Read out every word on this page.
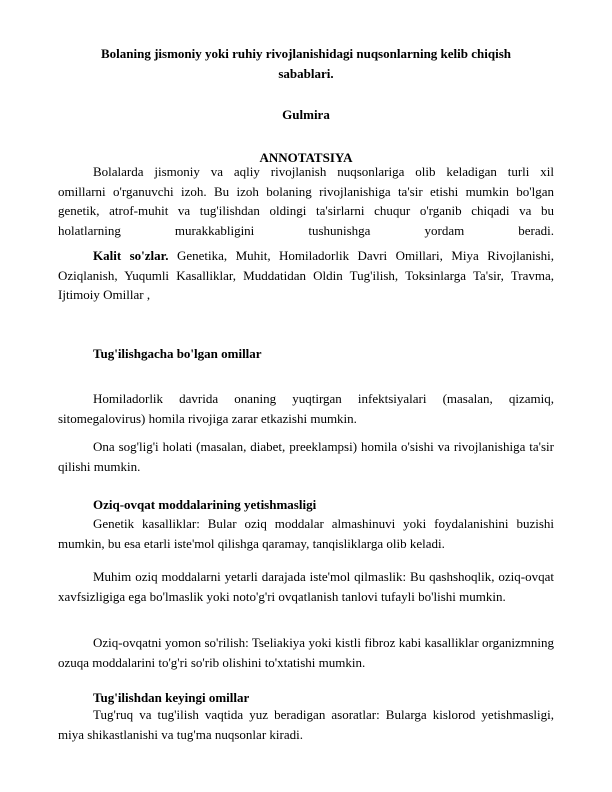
Bolaning jismoniy yoki ruhiy rivojlanishidagi nuqsonlarning kelib chiqish
sabablari.
Gulmira
ANNOTATSIYA
Bolalarda jismoniy va aqliy rivojlanish nuqsonlariga olib keladigan turli xil
omillarni o'rganuvchi izoh. Bu izoh bolaning rivojlanishiga ta'sir etishi mumkin bo'lgan
genetik, atrof-muhit va tug'ilishdan oldingi ta'sirlarni chuqur o'rganib chiqadi va bu
holatlarning murakkabligini tushunishga yordam beradi.
Kalit so'zlar. Genetika, Muhit, Homiladorlik Davri Omillari, Miya Rivojlanishi, Oziqlanish, Yuqumli Kasalliklar, Muddatidan Oldin Tug'ilish, Toksinlarga Ta'sir, Travma, Ijtimoiy Omillar ,
Tug'ilishgacha bo'lgan omillar
Homiladorlik davrida onaning yuqtirgan infektsiyalari (masalan, qizamiq, sitomegalovirus) homila rivojiga zarar etkazishi mumkin.
Ona sog'lig'i holati (masalan, diabet, preeklampsi) homila o'sishi va rivojlanishiga ta'sir qilishi mumkin.
Oziq-ovqat moddalarining yetishmasligi
Genetik kasalliklar: Bular oziq moddalar almashinuvi yoki foydalanishini buzishi mumkin, bu esa etarli iste'mol qilishga qaramay, tanqisliklarga olib keladi.
Muhim oziq moddalarni yetarli darajada iste'mol qilmaslik: Bu qashshoqlik, oziq-ovqat xavfsizligiga ega bo'lmaslik yoki noto'g'ri ovqatlanish tanlovi tufayli bo'lishi mumkin.
Oziq-ovqatni yomon so'rilish: Tseliakiya yoki kistli fibroz kabi kasalliklar organizmning ozuqa moddalarini to'g'ri so'rib olishini to'xtatishi mumkin.
Tug'ilishdan keyingi omillar
Tug'ruq va tug'ilish vaqtida yuz beradigan asoratlar: Bularga kislorod yetishmasligi, miya shikastlanishi va tug'ma nuqsonlar kiradi.
